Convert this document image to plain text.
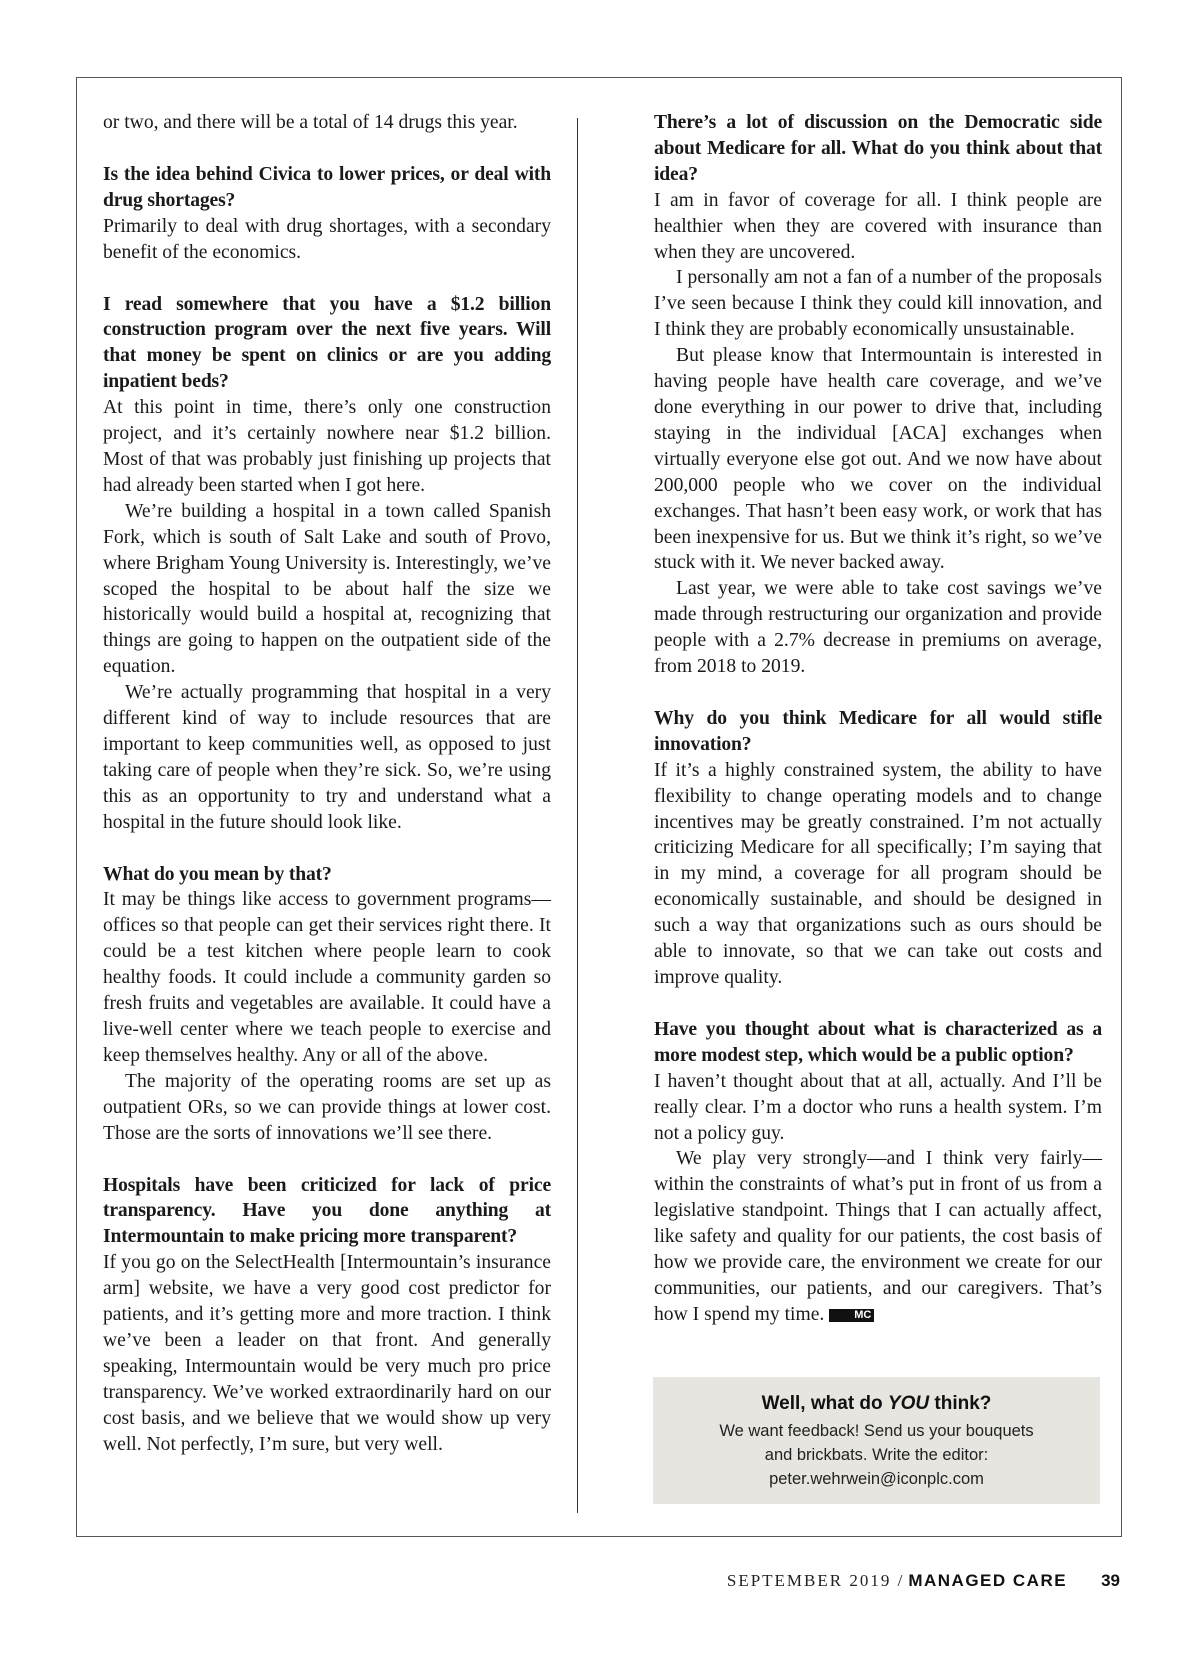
or two, and there will be a total of 14 drugs this year.

Is the idea behind Civica to lower prices, or deal with drug shortages?

Primarily to deal with drug shortages, with a secondary benefit of the economics.

I read somewhere that you have a $1.2 billion construction program over the next five years. Will that money be spent on clinics or are you adding inpatient beds?

At this point in time, there’s only one construction project, and it’s certainly nowhere near $1.2 billion. Most of that was probably just finishing up projects that had already been started when I got here.

We’re building a hospital in a town called Spanish Fork, which is south of Salt Lake and south of Provo, where Brigham Young University is. Interestingly, we’ve scoped the hospital to be about half the size we historically would build a hospital at, recognizing that things are going to happen on the outpatient side of the equation.

We’re actually programming that hospital in a very different kind of way to include resources that are important to keep communities well, as opposed to just taking care of people when they’re sick. So, we’re using this as an opportunity to try and understand what a hospital in the future should look like.

What do you mean by that?

It may be things like access to government programs—offices so that people can get their services right there. It could be a test kitchen where people learn to cook healthy foods. It could include a community garden so fresh fruits and vegetables are available. It could have a live-well center where we teach people to exercise and keep themselves healthy. Any or all of the above.

The majority of the operating rooms are set up as outpatient ORs, so we can provide things at lower cost. Those are the sorts of innovations we’ll see there.

Hospitals have been criticized for lack of price transparency. Have you done anything at Intermountain to make pricing more transparent?

If you go on the SelectHealth [Intermountain’s insurance arm] website, we have a very good cost predictor for patients, and it’s getting more and more traction. I think we’ve been a leader on that front. And generally speaking, Intermountain would be very much pro price transparency. We’ve worked extraordinarily hard on our cost basis, and we believe that we would show up very well. Not perfectly, I’m sure, but very well.

There’s a lot of discussion on the Democratic side about Medicare for all. What do you think about that idea?

I am in favor of coverage for all. I think people are healthier when they are covered with insurance than when they are uncovered.

I personally am not a fan of a number of the proposals I’ve seen because I think they could kill innovation, and I think they are probably economically unsustainable.

But please know that Intermountain is interested in having people have health care coverage, and we’ve done everything in our power to drive that, including staying in the individual [ACA] exchanges when virtually everyone else got out. And we now have about 200,000 people who we cover on the individual exchanges. That hasn’t been easy work, or work that has been inexpensive for us. But we think it’s right, so we’ve stuck with it. We never backed away.

Last year, we were able to take cost savings we’ve made through restructuring our organization and provide people with a 2.7% decrease in premiums on average, from 2018 to 2019.

Why do you think Medicare for all would stifle innovation?

If it’s a highly constrained system, the ability to have flexibility to change operating models and to change incentives may be greatly constrained. I’m not actually criticizing Medicare for all specifically; I’m saying that in my mind, a coverage for all program should be economically sustainable, and should be designed in such a way that organizations such as ours should be able to innovate, so that we can take out costs and improve quality.

Have you thought about what is characterized as a more modest step, which would be a public option?

I haven’t thought about that at all, actually. And I’ll be really clear. I’m a doctor who runs a health system. I’m not a policy guy.

We play very strongly—and I think very fairly—within the constraints of what’s put in front of us from a legislative standpoint. Things that I can actually affect, like safety and quality for our patients, the cost basis of how we provide care, the environment we create for our communities, our patients, and our caregivers. That’s how I spend my time.	MC

Well, what do YOU think?
We want feedback! Send us your bouquets
and brickbats. Write the editor:
peter.wehrwein@iconplc.com
SEPTEMBER 2019 / MANAGED CARE 39
